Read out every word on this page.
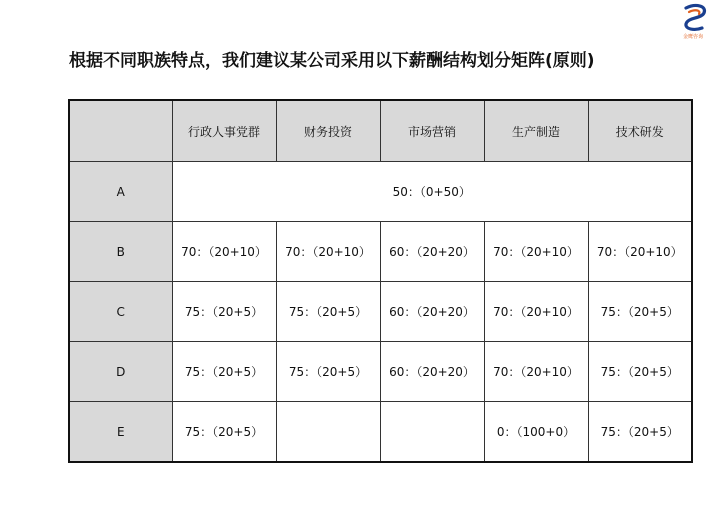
根据不同职族特点，我们建议某公司采用以下薪酬结构划分矩阵(原则)
金鹰咨询
	行政人事党群	财务投资	市场营销	生产制造	技术研发
A	50：（0+50）				
B	70：（20+10）	70：（20+10）	60：（20+20）	70：（20+10）	70：（20+10）
C	75：（20+5）	75：（20+5）	60：（20+20）	70：（20+10）	75：（20+5）
D	75：（20+5）	75：（20+5）	60：（20+20）	70：（20+10）	75：（20+5）
E	75：（20+5）			0：（100+0）	75：（20+5）
